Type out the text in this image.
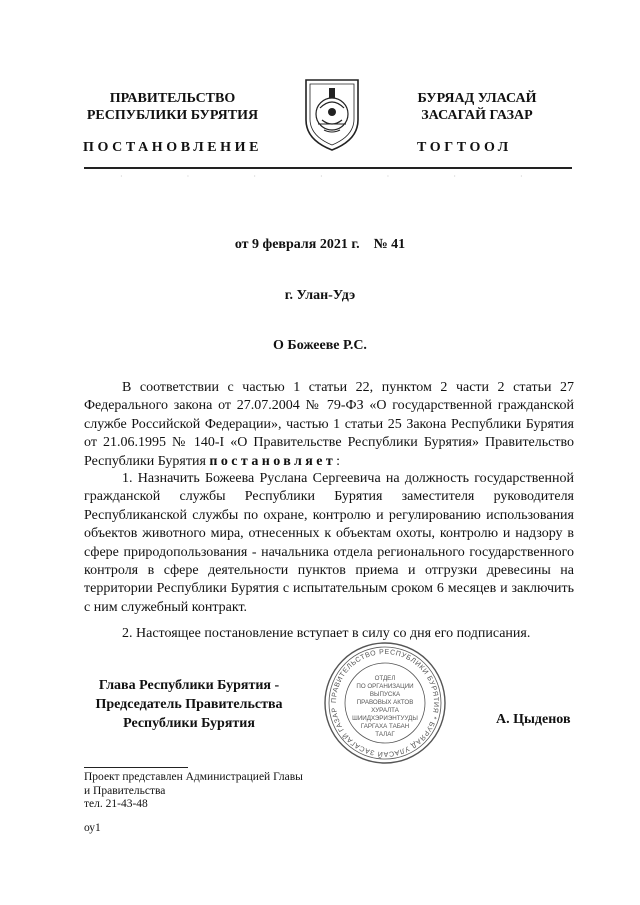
ПРАВИТЕЛЬСТВО
РЕСПУБЛИКИ БУРЯТИЯ
БУРЯАД УЛАСАЙ
ЗАСАГАЙ ГАЗАР
ПОСТАНОВЛЕНИЕ	ТОГТООЛ
·······
от 9 февраля 2021 г.    № 41
г. Улан-Удэ
О Божееве Р.С.
В соответствии с частью 1 статьи 22, пунктом 2 части 2 статьи 27 Федерального закона от 27.07.2004 № 79-ФЗ «О государственной гражданской службе Российской Федерации», частью 1 статьи 25 Закона Республики Бурятия от 21.06.1995 № 140-I «О Правительстве Республики Бурятия» Правительство Республики Бурятия постановляет:
1. Назначить Божеева Руслана Сергеевича на должность государственной гражданской службы Республики Бурятия заместителя руководителя Республиканской службы по охране, контролю и регулированию использования объектов животного мира, отнесенных к объектам охоты, контролю и надзору в сфере природопользования - начальника отдела регионального государственного контроля в сфере деятельности пунктов приема и отгрузки древесины на территории Республики Бурятия с испытательным сроком 6 месяцев и заключить с ним служебный контракт.
2. Настоящее постановление вступает в силу со дня его подписания.
Глава Республики Бурятия -
Председатель Правительства
Республики Бурятия
ПРАВИТЕЛЬСТВО РЕСПУБЛИКИ БУРЯТИЯ * БУРЯАД УЛАСАЙ ЗАСАГАЙ ГАЗАР
ОТДЕЛ
ПО ОРГАНИЗАЦИИ
ВЫПУСКА
ПРАВОВЫХ АКТОВ
ХУРАЛТА
ШИИДХЭРИЭНТУУДЫ
ГАРГАХА ТАБАН
ТАЛАГ
А. Цыденов
Проект представлен Администрацией Главы
и Правительства
тел. 21-43-48
оу1
